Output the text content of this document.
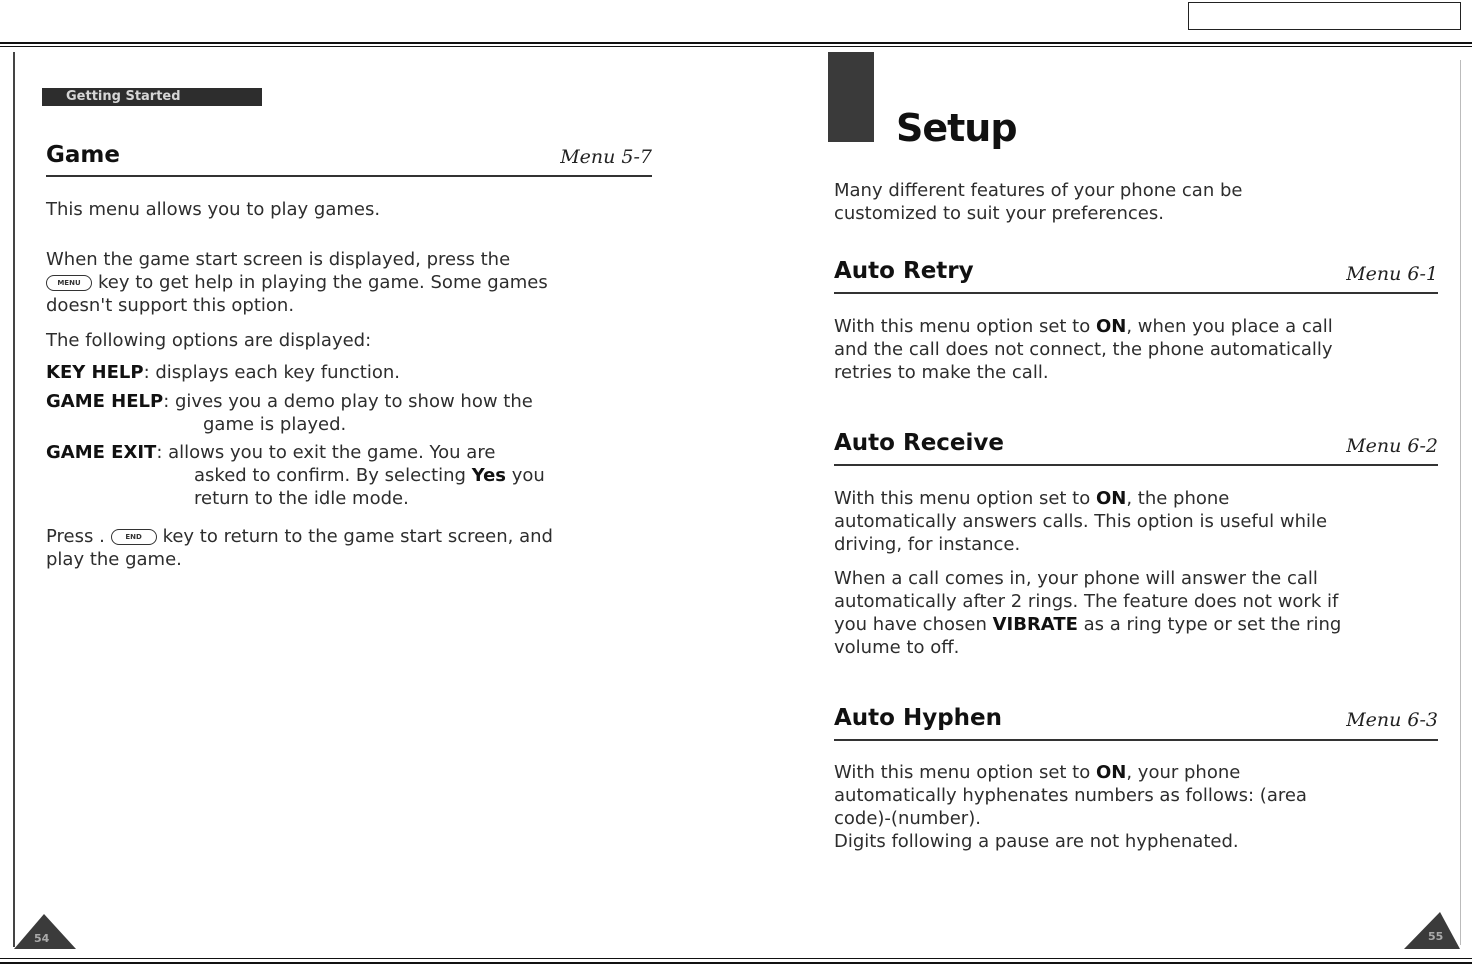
Getting Started
Game	Menu 5-7

This menu allows you to play games.

When the game start screen is displayed, press the
MENU key to get help in playing the game. Some games
doesn't support this option.

The following options are displayed:

KEY HELP: displays each key function.
GAME HELP: gives you a demo play to show how the
game is played.
GAME EXIT: allows you to exit the game. You are
asked to confirm. By selecting Yes you
return to the idle mode.
Press .	END key to return to the game start screen, and
play the game.
54
Setup
Many different features of your phone can be
customized to suit your preferences.
Auto Retry	Menu 6-1
With this menu option set to ON, when you place a call
and the call does not connect, the phone automatically
retries to make the call.
Auto Receive	Menu 6-2
With this menu option set to ON, the phone
automatically answers calls. This option is useful while
driving, for instance.
When a call comes in, your phone will answer the call
automatically after 2 rings. The feature does not work if
you have chosen VIBRATE as a ring type or set the ring
volume to off.
Auto Hyphen	Menu 6-3
With this menu option set to ON, your phone
automatically hyphenates numbers as follows: (area
code)-(number).
Digits following a pause are not hyphenated.
55
